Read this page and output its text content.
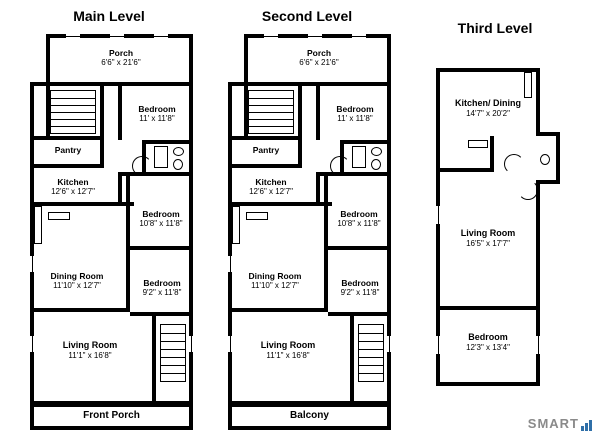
Main Level
Porch
6'6" x 21'6"
Bedroom
11' x 11'8"
Pantry
Kitchen
12'6" x 12'7"
Bedroom
10'8" x 11'8"
Dining Room
11'10" x 12'7"	Bedroom
9'2" x 11'8"
Living Room
11'1" x 16'8"
Front Porch
Second Level
Porch
6'6" x 21'6"
Bedroom
11' x 11'8"
Pantry
Kitchen
12'6" x 12'7"
Bedroom
10'8" x 11'8"
Dining Room
11'10" x 12'7"	Bedroom
9'2" x 11'8"
Living Room
11'1" x 16'8"
Balcony
Third Level
Kitchen/ Dining
14'7" x 20'2"
Living Room
16'5" x 17'7"
Bedroom
12'3" x 13'4"
SMART
